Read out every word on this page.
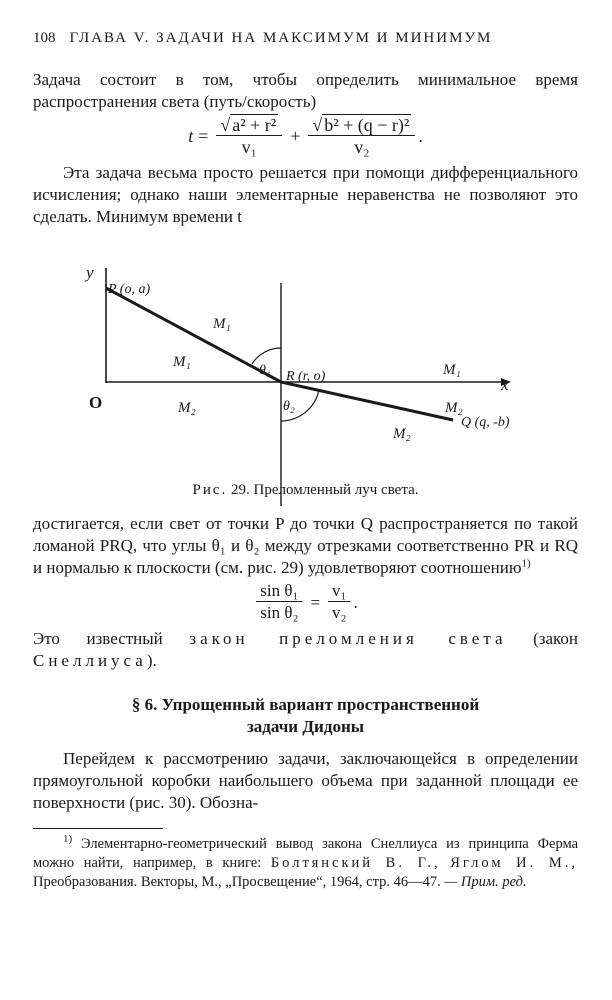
108 ГЛАВА V. ЗАДАЧИ НА МАКСИМУМ И МИНИМУМ

Задача состоит в том, чтобы определить минимальное время распространения света (путь/скорость)

$t = \frac{\text{√ a² + r²}}{\text{v₁}} + \frac{\text{√ b² + (q − r)²}}{\text{v₂}}$ .

Эта задача весьма просто решается при помощи дифференциального исчисления; однако наши элементарные неравенства не позволяют это сделать. Минимум времени t

y
x
O
P (o, a)
R (r, o)
Q (q, -b)
M₁
M₁	M₁
M₂	M₂
M₂
θ₁
θ₂
Рис. 29. Преломленный луч света.

достигается, если свет от точки P до точки Q распространяется по такой ломаной PRQ, что углы θ₁ и θ₂ между отрезками соответственно PR и RQ и нормалью к плоскости (см. рис. 29) удовлетворяют соотношению$^{1)}$

$\frac{\text{sin θ₁}}{\text{sin θ₂}} = \frac{\text{v₁}}{\text{v₂}}$ .

Это известный закон преломления света (закон Снеллиуса).

§ 6. Упрощенный вариант пространственной
задачи Дидоны

Перейдем к рассмотрению задачи, заключающейся в определении прямоугольной коробки наибольшего объема при заданной площади ее поверхности (рис. 30). Обозна-

$^{1)}$ Элементарно-геометрический вывод закона Снеллиуса из принципа Ферма можно найти, например, в книге: Болтянский В. Г., Яглом И. М., Преобразования. Векторы, М., „Просвещение“, 1964, стр. 46—47. — Прим. ред.
